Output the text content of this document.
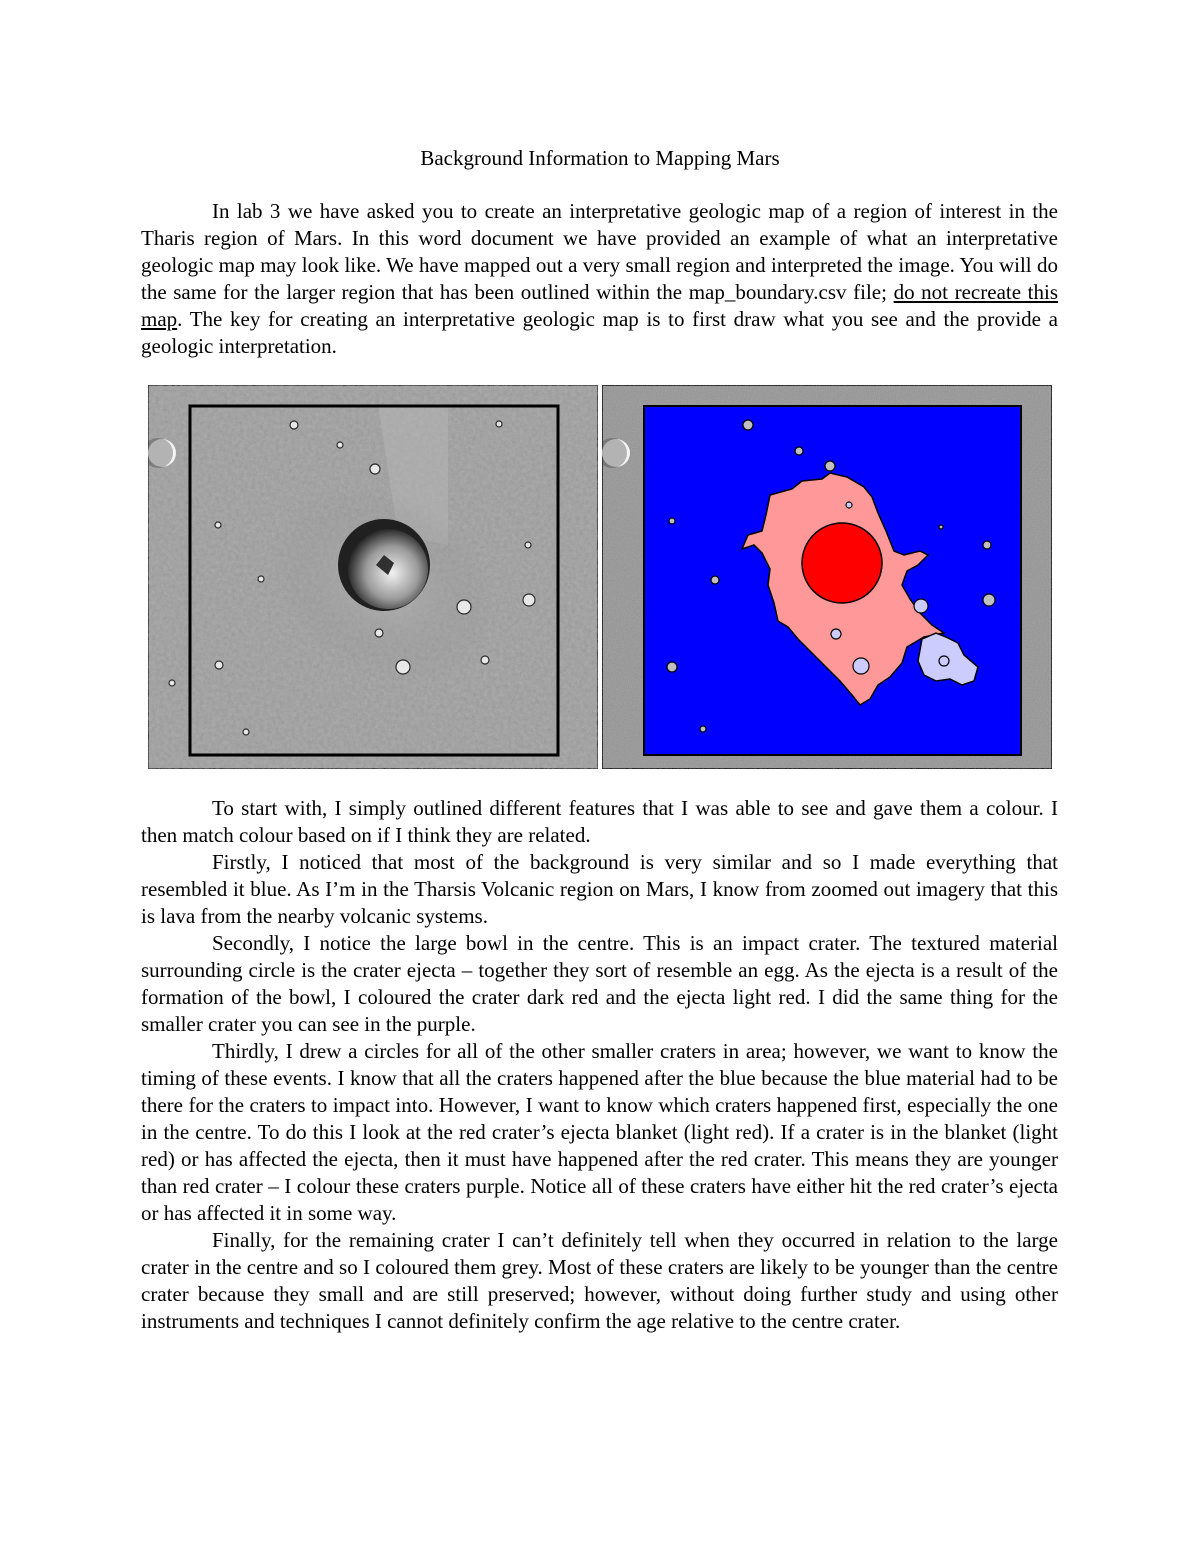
Background Information to Mapping Mars

In lab 3 we have asked you to create an interpretative geologic map of a region of interest in the Tharis region of Mars. In this word document we have provided an example of what an interpretative geologic map may look like. We have mapped out a very small region and interpreted the image. You will do the same for the larger region that has been outlined within the map_boundary.csv file; do not recreate this map. The key for creating an interpretative geologic map is to first draw what you see and the provide a geologic interpretation.

To start with, I simply outlined different features that I was able to see and gave them a colour. I then match colour based on if I think they are related.

Firstly, I noticed that most of the background is very similar and so I made everything that resembled it blue. As I’m in the Tharsis Volcanic region on Mars, I know from zoomed out imagery that this is lava from the nearby volcanic systems.

Secondly, I notice the large bowl in the centre. This is an impact crater. The textured material surrounding circle is the crater ejecta – together they sort of resemble an egg. As the ejecta is a result of the formation of the bowl, I coloured the crater dark red and the ejecta light red. I did the same thing for the smaller crater you can see in the purple.

Thirdly, I drew a circles for all of the other smaller craters in area; however, we want to know the timing of these events. I know that all the craters happened after the blue because the blue material had to be there for the craters to impact into. However, I want to know which craters happened first, especially the one in the centre. To do this I look at the red crater’s ejecta blanket (light red). If a crater is in the blanket (light red) or has affected the ejecta, then it must have happened after the red crater. This means they are younger than red crater – I colour these craters purple. Notice all of these craters have either hit the red crater’s ejecta or has affected it in some way.

Finally, for the remaining crater I can’t definitely tell when they occurred in relation to the large crater in the centre and so I coloured them grey. Most of these craters are likely to be younger than the centre crater because they small and are still preserved; however, without doing further study and using other instruments and techniques I cannot definitely confirm the age relative to the centre crater.
